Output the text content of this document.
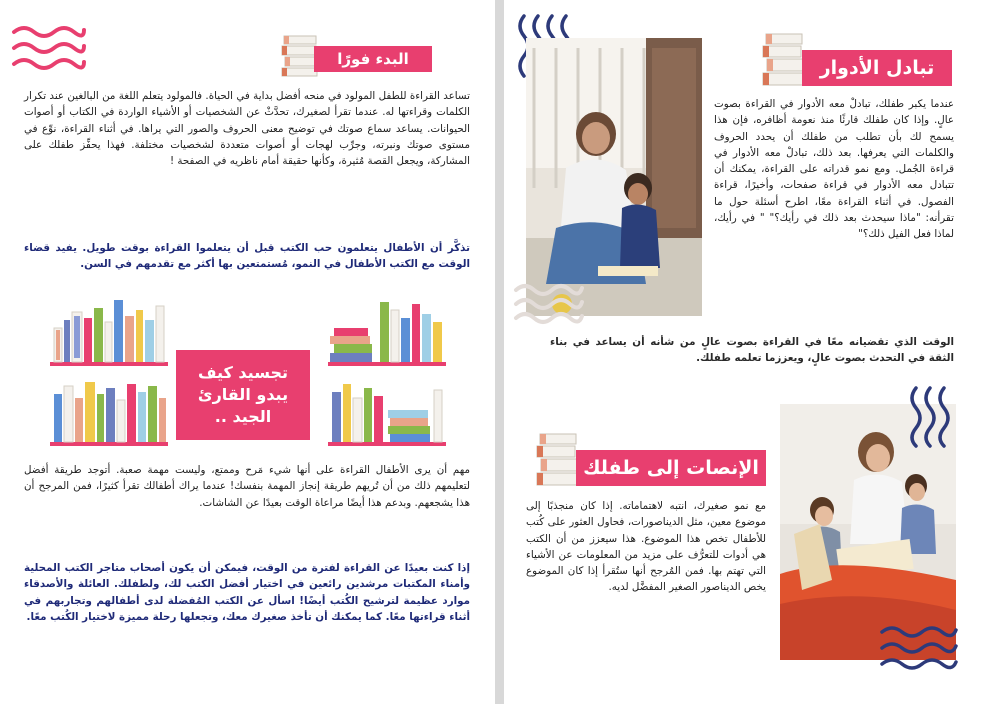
البدء فورًا
تساعد القراءة للطفل المولود في منحه أفضل بداية في الحياة. فالمولود يتعلم اللغة من البالغين عند تكرار الكلمات وقراءتها له. عندما تقرأ لصغيرك، تحدَّثْ عن الشخصيات أو الأشياء الواردة في الكتاب أو أصوات الحيوانات. يساعد سماع صوتك في توضيح معنى الحروف والصور التي يراها. في أثناء القراءة، نوِّع في مستوى صوتك ونبرته، وجرِّب لهجات أو أصوات متعددة لشخصيات مختلفة. فهذا يحفِّز طفلك على المشاركة، ويجعل القصة مُثيرة، وكأنها حقيقة أمام ناظريه في الصفحة !
تذكَّر أن الأطفال يتعلمون حب الكتب قبل أن يتعلموا القراءة بوقت طويل. يفيد قضاء الوقت مع الكتب الأطفال في النمو، مُستمتعين بها أكثر مع تقدمهم في السن.
تجسيد كيف يبدو القارئ الجيد ..
مهم أن يرى الأطفال القراءة على أنها شيء مَرح وممتع، وليست مهمة صعبة. أتوجد طريقة أفضل لتعليمهم ذلك من أن تُريهم طريقة إنجاز المهمة بنفسك! عندما يراك أطفالك تقرأ كثيرًا، فمن المرجح أن هذا يشجعهم. وبدعم هذا أيضًا مراعاة الوقت بعيدًا عن الشاشات.
إذا كنت بعيدًا عن القراءة لفترة من الوقت، فيمكن أن يكون أصحاب متاجر الكتب المحلية وأمناء المكتبات مرشدين رائعين في اختيار أفضل الكتب لك، ولطفلك. العائلة والأصدقاء موارد عظيمة لترشيح الكُتب أيضًا! اسأل عن الكتب المُفضلة لدى أطفالهم وتجاربهم في أثناء قراءتها معًا. كما يمكنك أن تأخذ صغيرك معك، وتجعلها رحلة مميزة لاختيار الكُتب معًا.
تبادل الأدوار
عندما يكبر طفلك، تبادلْ معه الأدوار في القراءة بصوت عالٍ. وإذا كان طفلك قارئًا منذ نعومة أظافره، فإن هذا يسمح لك بأن تطلب من طفلك أن يحدد الحروف والكلمات التي يعرفها. بعد ذلك، تبادلْ معه الأدوار في قراءة الجُمل. ومع نمو قدراته على القراءة، يمكنك أن تتبادل معه الأدوار في قراءة صفحات، وأخيرًا، قراءة الفصول. في أثناء القراءة معًا، اطرح أسئلة حول ما تقرأنه: "ماذا سيحدث بعد ذلك في رأيك؟" " في رأيك، لماذا فعل الفيل ذلك؟"
الوقت الذي تقضيانه معًا في القراءة بصوت عالٍ من شأنه أن يساعد في بناء الثقة في التحدث بصوت عالٍ، ويعززما تعلمه طفلك.
الإنصات إلى طفلك
مع نمو صغيرك، انتبه لاهتماماته. إذا كان منجذبًا إلى موضوع معين، مثل الديناصورات، فحاول العثور على كُتب للأطفال تخص هذا الموضوع. هذا سيعزز من أن الكتب هي أدوات للتعرُّف على مزيد من المعلومات عن الأشياء التي تهتم بها. فمن المُرجح أنها ستُقرأ إذا كان الموضوع يخص الديناصور الصغير المفضَّل لديه.
